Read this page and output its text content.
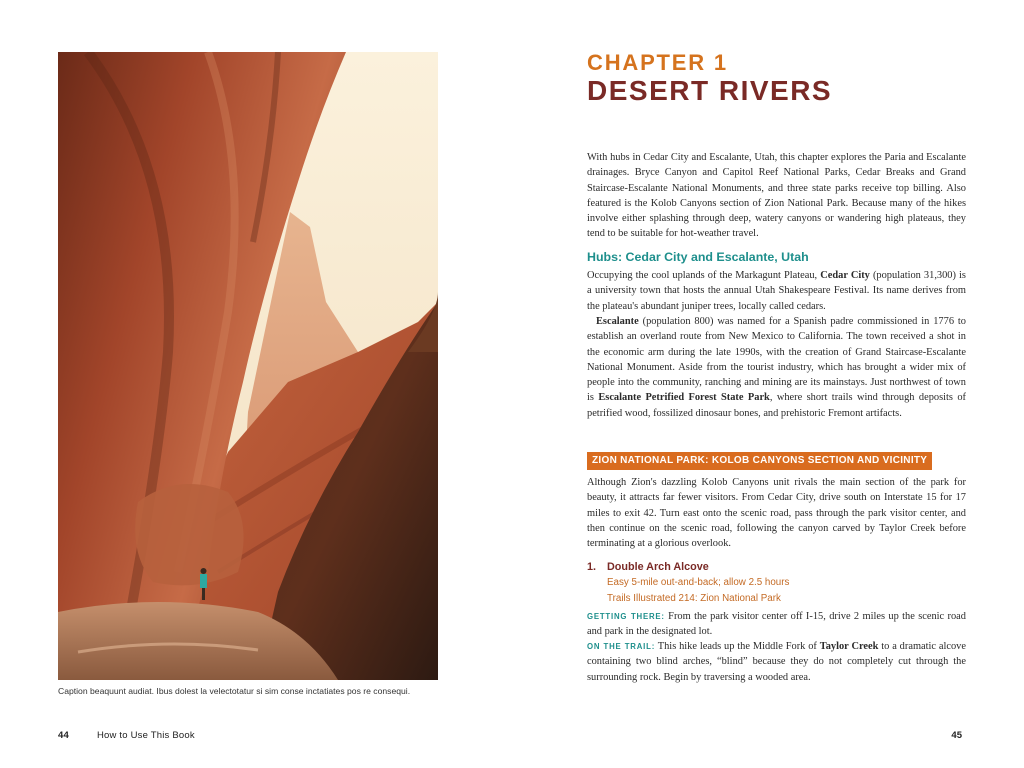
Caption beaquunt audiat. Ibus dolest la velectotatur si sim conse inctatiates pos re consequi.

44	How to Use This Book	45

CHAPTER 1

DESERT RIVERS

With hubs in Cedar City and Escalante, Utah, this chapter explores the Paria and Escalante drainages. Bryce Canyon and Capitol Reef National Parks, Cedar Breaks and Grand Staircase-Escalante National Monuments, and three state parks receive top billing. Also featured is the Kolob Canyons section of Zion National Park. Because many of the hikes involve either splashing through deep, watery canyons or wandering high plateaus, they tend to be suitable for hot-weather travel.

Hubs: Cedar City and Escalante, Utah

Occupying the cool uplands of the Markagunt Plateau, Cedar City (population 31,300) is a university town that hosts the annual Utah Shakespeare Festival. Its name derives from the plateau's abundant juniper trees, locally called cedars.

Escalante (population 800) was named for a Spanish padre commissioned in 1776 to establish an overland route from New Mexico to California. The town received a shot in the economic arm during the late 1990s, with the creation of Grand Staircase-Escalante National Monument. Aside from the tourist industry, which has brought a wider mix of people into the community, ranching and mining are its mainstays. Just northwest of town is Escalante Petrified Forest State Park, where short trails wind through deposits of petrified wood, fossilized dinosaur bones, and prehistoric Fremont artifacts.

ZION NATIONAL PARK: KOLOB CANYONS SECTION AND VICINITY

Although Zion's dazzling Kolob Canyons unit rivals the main section of the park for beauty, it attracts far fewer visitors. From Cedar City, drive south on Interstate 15 for 17 miles to exit 42. Turn east onto the scenic road, pass through the park visitor center, and then continue on the scenic road, following the canyon carved by Taylor Creek before terminating at a glorious overlook.

1. Double Arch Alcove

Easy 5-mile out-and-back; allow 2.5 hours

Trails Illustrated 214: Zion National Park

GETTING THERE: From the park visitor center off I-15, drive 2 miles up the scenic road and park in the designated lot.

ON THE TRAIL: This hike leads up the Middle Fork of Taylor Creek to a dramatic alcove containing two blind arches, “blind” because they do not completely cut through the surrounding rock. Begin by traversing a wooded area.
